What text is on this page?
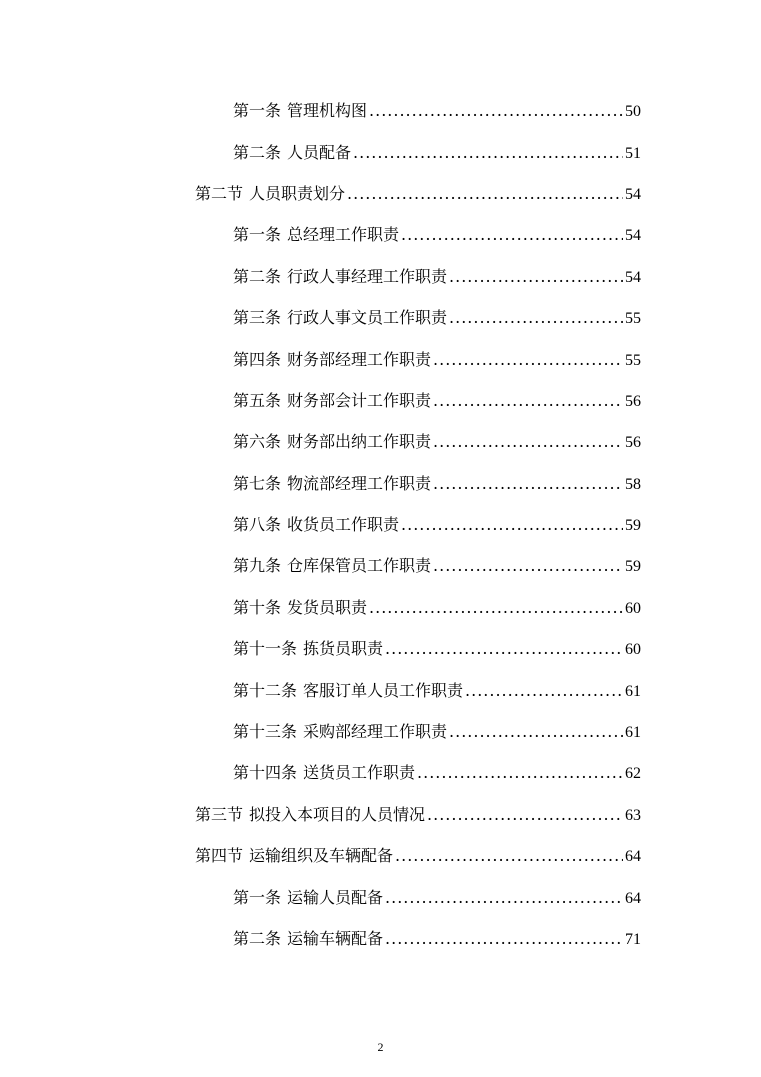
第一条 管理机构图 .....	50
第二条 人员配备 .....	51
第二节 人员职责划分 .....	54
第一条 总经理工作职责 .....	54
第二条 行政人事经理工作职责 .....	54
第三条 行政人事文员工作职责 .....	55
第四条 财务部经理工作职责 .....	55
第五条 财务部会计工作职责 .....	56
第六条 财务部出纳工作职责 .....	56
第七条 物流部经理工作职责 .....	58
第八条 收货员工作职责 .....	59
第九条 仓库保管员工作职责 .....	59
第十条 发货员职责 .....	60
第十一条 拣货员职责 .....	60
第十二条 客服订单人员工作职责 .....	61
第十三条 采购部经理工作职责 .....	61
第十四条 送货员工作职责 .....	62
第三节 拟投入本项目的人员情况 .....	63
第四节 运输组织及车辆配备 .....	64
第一条 运输人员配备 .....	64
第二条 运输车辆配备 .....	71
2
